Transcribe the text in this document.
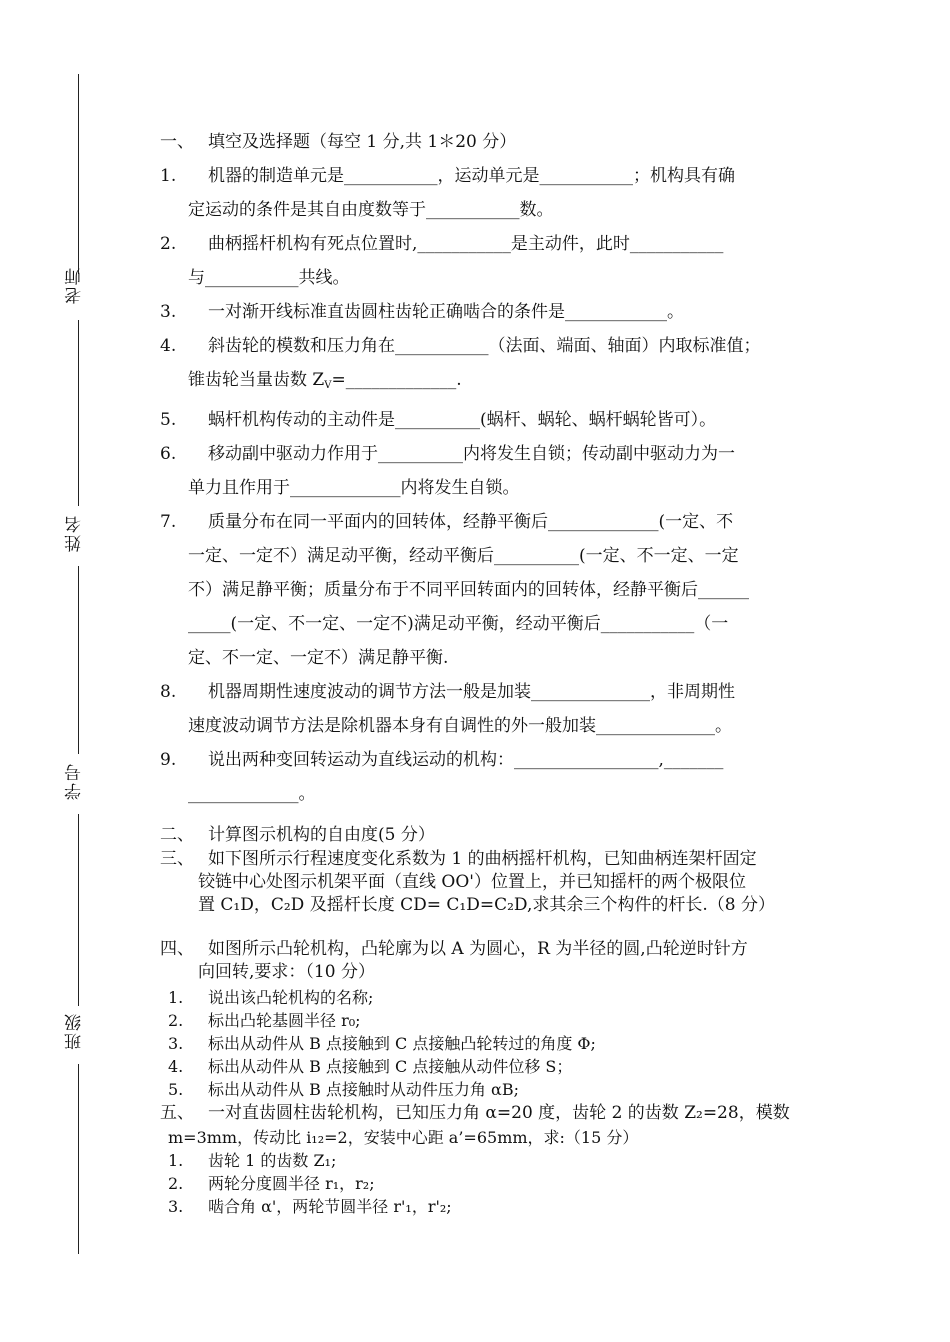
老师
姓名
学号
班级
一、 填空及选择题（每空 1 分,共 1＊20 分）
1.	机器的制造单元是___________，运动单元是___________；机构具有确
定运动的条件是其自由度数等于___________数。
2.	曲柄摇杆机构有死点位置时,___________是主动件，此时___________
与___________共线。
3.	一对渐开线标准直齿圆柱齿轮正确啮合的条件是____________。
4.	斜齿轮的模数和压力角在___________（法面、端面、轴面）内取标准值；
锥齿轮当量齿数 $Z_V=\_\_\_\_\_\_\_\_\_\_\_\_\_$.
5.	蜗杆机构传动的主动件是__________(蜗杆、蜗轮、蜗杆蜗轮皆可）。
6.	移动副中驱动力作用于__________内将发生自锁；传动副中驱动力为一
单力且作用于_____________内将发生自锁。
7.	质量分布在同一平面内的回转体，经静平衡后_____________(一定、不
一定、一定不）满足动平衡，经动平衡后__________(一定、不一定、一定
不）满足静平衡；质量分布于不同平回转面内的回转体，经静平衡后______
_____(一定、不一定、一定不)满足动平衡，经动平衡后___________（一
定、不一定、一定不）满足静平衡.
8.	机器周期性速度波动的调节方法一般是加装______________，非周期性
速度波动调节方法是除机器本身有自调性的外一般加装______________。
9.	说出两种变回转运动为直线运动的机构：_________________,_______
_____________。
二、 计算图示机构的自由度(5 分）
三、 如下图所示行程速度变化系数为 1 的曲柄摇杆机构，已知曲柄连架杆固定
铰链中心处图示机架平面（直线 OO'）位置上，并已知摇杆的两个极限位
置 C₁D，C₂D 及摇杆长度 CD= C₁D=C₂D,求其余三个构件的杆长.（8 分）
四、 如图所示凸轮机构，凸轮廓为以 A 为圆心，R 为半径的圆,凸轮逆时针方
向回转,要求：（10 分）
1.	说出该凸轮机构的名称;
2.	标出凸轮基圆半径 r₀;
3.	标出从动件从 B 点接触到 C 点接触凸轮转过的角度 Φ;
4.	标出从动件从 B 点接触到 C 点接触从动件位移 S；
5.	标出从动件从 B 点接触时从动件压力角 αB;
五、 一对直齿圆柱齿轮机构，已知压力角 α=20 度，齿轮 2 的齿数 Z₂=28，模数
m=3mm，传动比 i₁₂=2，安装中心距 a’=65mm，求:（15 分）
1.	齿轮 1 的齿数 Z₁;
2.	两轮分度圆半径 r₁，r₂;
3.	啮合角 α'，两轮节圆半径 r'₁，r'₂;
